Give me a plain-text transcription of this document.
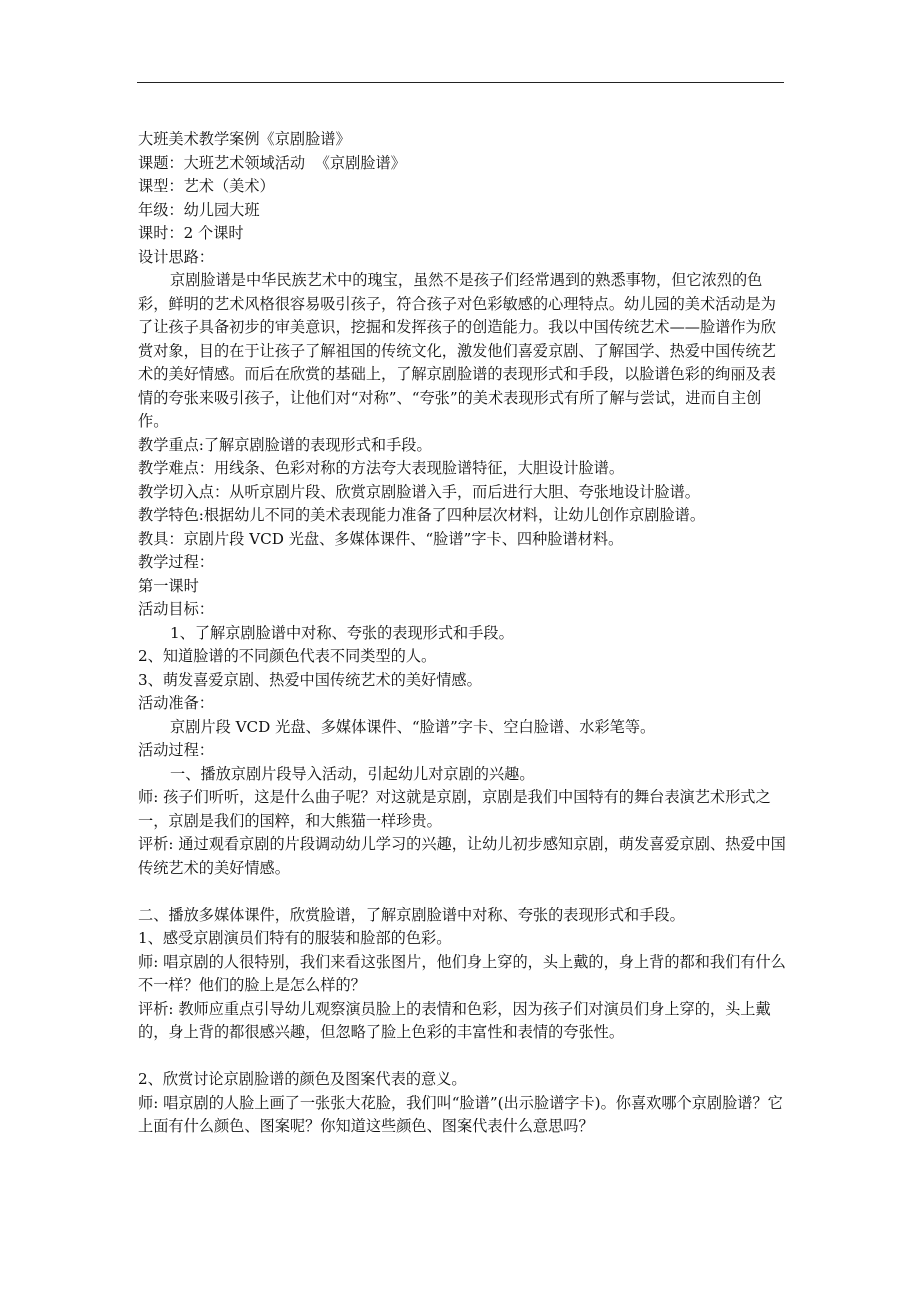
大班美术教学案例《京剧脸谱》

课题：大班艺术领域活动  《京剧脸谱》

课型：艺术（美术）

年级：幼儿园大班

课时：2 个课时

设计思路：

京剧脸谱是中华民族艺术中的瑰宝，虽然不是孩子们经常遇到的熟悉事物，但它浓烈的色彩，鲜明的艺术风格很容易吸引孩子，符合孩子对色彩敏感的心理特点。幼儿园的美术活动是为了让孩子具备初步的审美意识，挖掘和发挥孩子的创造能力。我以中国传统艺术——脸谱作为欣赏对象，目的在于让孩子了解祖国的传统文化，激发他们喜爱京剧、了解国学、热爱中国传统艺术的美好情感。而后在欣赏的基础上，了解京剧脸谱的表现形式和手段，以脸谱色彩的绚丽及表情的夸张来吸引孩子，让他们对“对称”、“夸张”的美术表现形式有所了解与尝试，进而自主创作。

教学重点:了解京剧脸谱的表现形式和手段。

教学难点：用线条、色彩对称的方法夸大表现脸谱特征，大胆设计脸谱。

教学切入点：从听京剧片段、欣赏京剧脸谱入手，而后进行大胆、夸张地设计脸谱。

教学特色:根据幼儿不同的美术表现能力准备了四种层次材料，让幼儿创作京剧脸谱。

教具：京剧片段 VCD 光盘、多媒体课件、“脸谱”字卡、四种脸谱材料。

教学过程：

第一课时

活动目标：

1、了解京剧脸谱中对称、夸张的表现形式和手段。

2、知道脸谱的不同颜色代表不同类型的人。

3、萌发喜爱京剧、热爱中国传统艺术的美好情感。

活动准备：

京剧片段 VCD 光盘、多媒体课件、“脸谱”字卡、空白脸谱、水彩笔等。

活动过程：

一、播放京剧片段导入活动，引起幼儿对京剧的兴趣。

师: 孩子们听听，这是什么曲子呢？对这就是京剧，京剧是我们中国特有的舞台表演艺术形式之一，京剧是我们的国粹，和大熊猫一样珍贵。

评析: 通过观看京剧的片段调动幼儿学习的兴趣，让幼儿初步感知京剧，萌发喜爱京剧、热爱中国传统艺术的美好情感。

二、播放多媒体课件，欣赏脸谱，了解京剧脸谱中对称、夸张的表现形式和手段。

1、感受京剧演员们特有的服装和脸部的色彩。

师: 唱京剧的人很特别，我们来看这张图片，他们身上穿的，头上戴的，身上背的都和我们有什么不一样？他们的脸上是怎么样的？

评析: 教师应重点引导幼儿观察演员脸上的表情和色彩，因为孩子们对演员们身上穿的，头上戴的，身上背的都很感兴趣，但忽略了脸上色彩的丰富性和表情的夸张性。

2、欣赏讨论京剧脸谱的颜色及图案代表的意义。

师: 唱京剧的人脸上画了一张张大花脸，我们叫“脸谱”(出示脸谱字卡)。你喜欢哪个京剧脸谱？它上面有什么颜色、图案呢？你知道这些颜色、图案代表什么意思吗？
